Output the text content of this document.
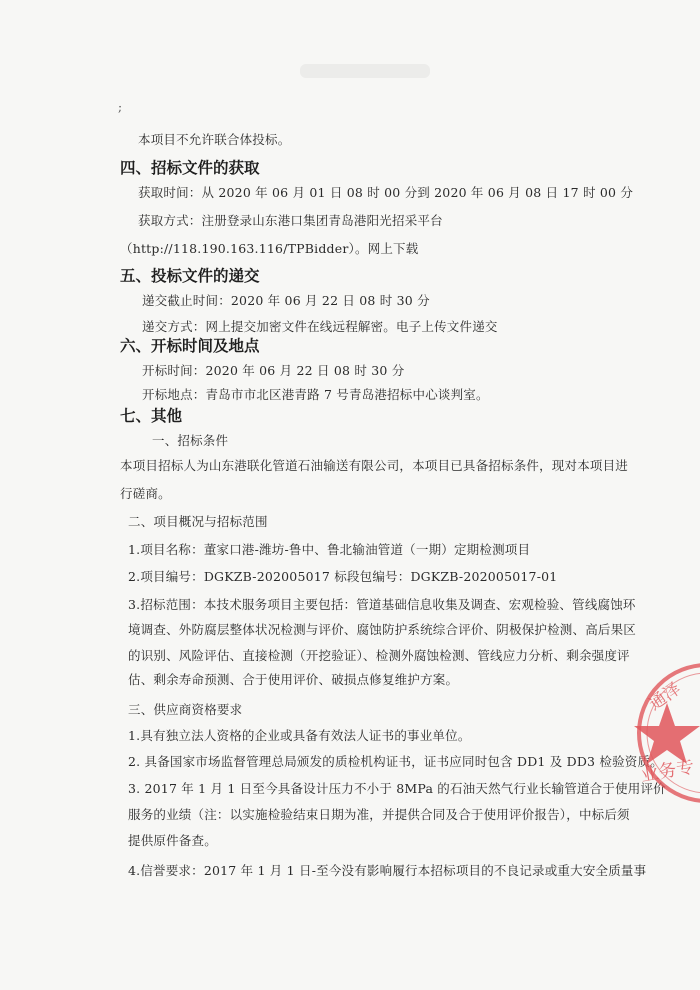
;
本项目不允许联合体投标。
四、招标文件的获取
获取时间：从 2020 年 06 月 01 日 08 时 00 分到 2020 年 06 月 08 日 17 时 00 分
获取方式：注册登录山东港口集团青岛港阳光招采平台
（http://118.190.163.116/TPBidder）。网上下载
五、投标文件的递交
递交截止时间：2020 年 06 月 22 日 08 时 30 分
递交方式：网上提交加密文件在线远程解密。电子上传文件递交
六、开标时间及地点
开标时间：2020 年 06 月 22 日 08 时 30 分
开标地点：青岛市市北区港青路 7 号青岛港招标中心谈判室。
七、其他
一、招标条件
本项目招标人为山东港联化管道石油输送有限公司，本项目已具备招标条件，现对本项目进
行磋商。
二、项目概况与招标范围
1.项目名称：董家口港-潍坊-鲁中、鲁北输油管道（一期）定期检测项目
2.项目编号：DGKZB-202005017 标段包编号：DGKZB-202005017-01
3.招标范围：本技术服务项目主要包括：管道基础信息收集及调查、宏观检验、管线腐蚀环
境调查、外防腐层整体状况检测与评价、腐蚀防护系统综合评价、阴极保护检测、高后果区
的识别、风险评估、直接检测（开挖验证）、检测外腐蚀检测、管线应力分析、剩余强度评
估、剩余寿命预测、合于使用评价、破损点修复维护方案。
三、供应商资格要求
1.具有独立法人资格的企业或具备有效法人证书的事业单位。
2. 具备国家市场监督管理总局颁发的质检机构证书，证书应同时包含 DD1 及 DD3 检验资质。
3. 2017 年 1 月 1 日至今具备设计压力不小于 8MPa 的石油天然气行业长输管道合于使用评价
服务的业绩（注：以实施检验结束日期为准，并提供合同及合于使用评价报告），中标后须
提供原件备查。
4.信誉要求：2017 年 1 月 1 日-至今没有影响履行本招标项目的不良记录或重大安全质量事
业务专
通泽
